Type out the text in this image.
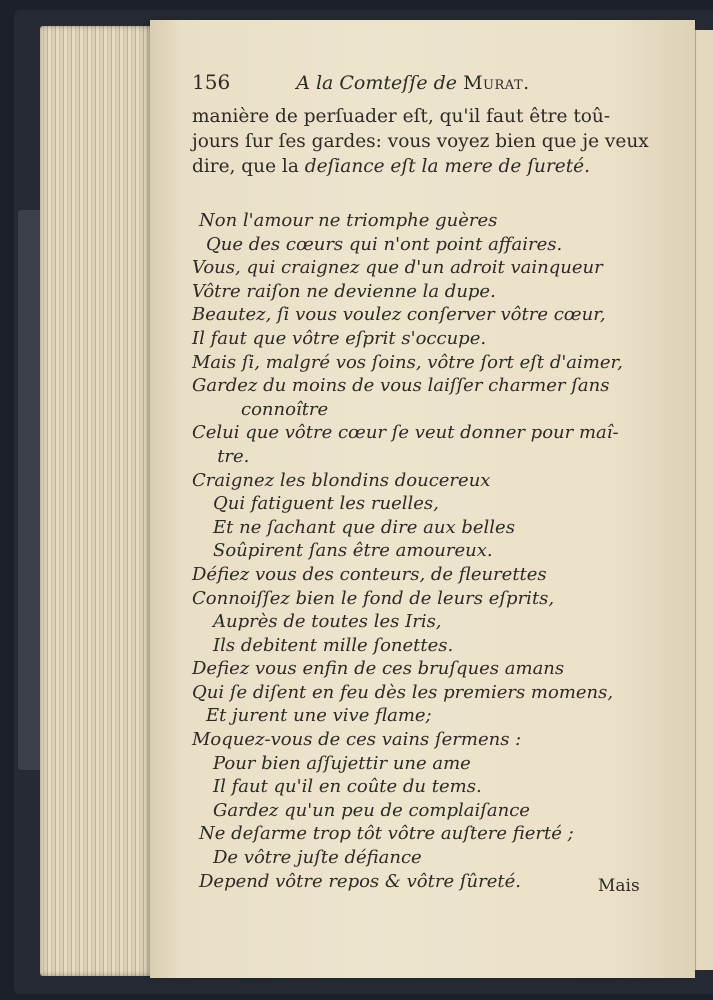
156	A la Comteſſe de Murat.
manière de perſuader eſt, qu'il faut être toû-
jours ſur ſes gardes: vous voyez bien que je veux
dire, que la deſiance eſt la mere de ſureté.
Non l'amour ne triomphe guères
Que des cœurs qui n'ont point affaires.
Vous, qui craignez que d'un adroit vainqueur
Vôtre raiſon ne devienne la dupe.
Beautez, ſi vous voulez conſerver vôtre cœur,
Il faut que vôtre eſprit s'occupe.
Mais ſi, malgré vos ſoins, vôtre ſort eſt d'aimer,
Gardez du moins de vous laiſſer charmer ſans
connoître
Celui que vôtre cœur ſe veut donner pour maî-
tre.
Craignez les blondins doucereux
Qui fatiguent les ruelles,
Et ne ſachant que dire aux belles
Soûpirent ſans être amoureux.
Défiez vous des conteurs, de fleurettes
Connoiſſez bien le fond de leurs eſprits,
Auprès de toutes les Iris,
Ils debitent mille ſonettes.
Defiez vous enfin de ces bruſques amans
Qui ſe diſent en feu dès les premiers momens,
Et jurent une vive flame;
Moquez-vous de ces vains ſermens :
Pour bien aſſujettir une ame
Il faut qu'il en coûte du tems.
Gardez qu'un peu de complaiſance
Ne deſarme trop tôt vôtre auſtere fierté ;
De vôtre juſte défiance
Depend vôtre repos & vôtre ſûreté.	Mais
